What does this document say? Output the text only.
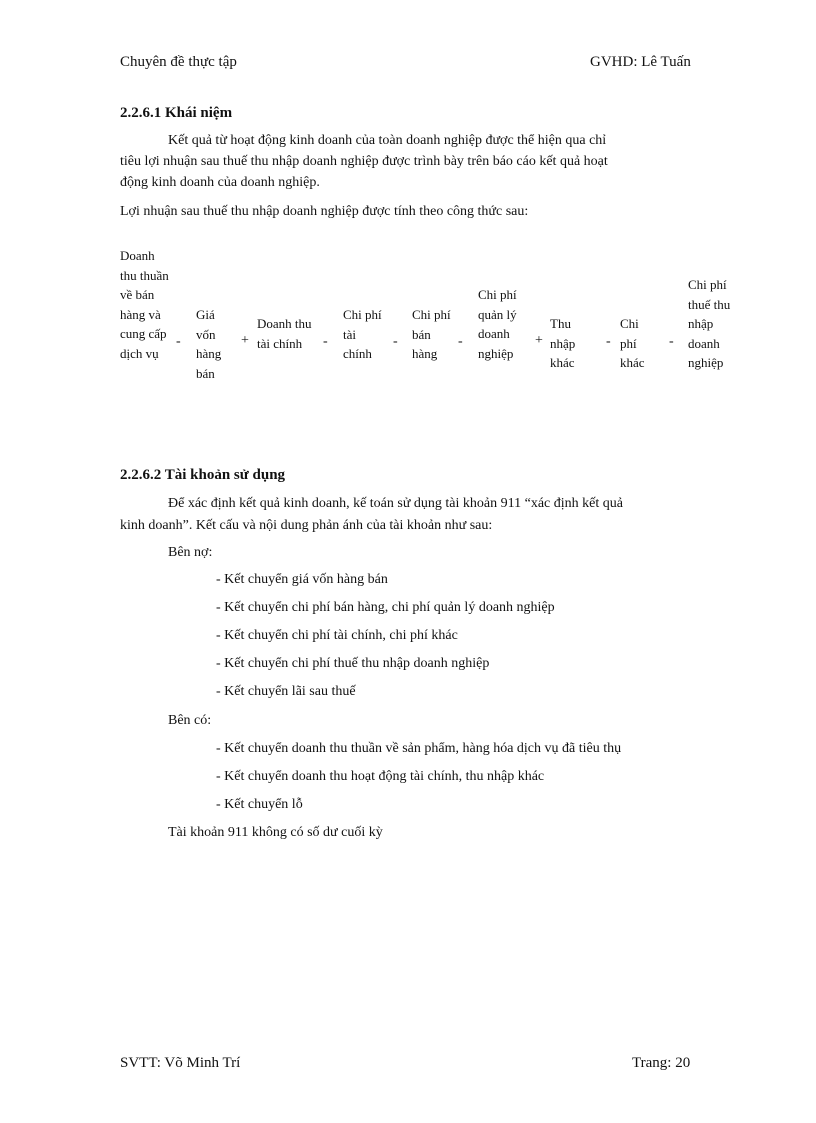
Chuyên đề thực tập	GVHD: Lê Tuấn
2.2.6.1 Khái niệm
Kết quả từ hoạt động kinh doanh của toàn doanh nghiệp được thể hiện qua chỉ
tiêu lợi nhuận sau thuế thu nhập doanh nghiệp được trình bày trên báo cáo kết quả hoạt
động kinh doanh của doanh nghiệp.
Lợi nhuận sau thuế thu nhập doanh nghiệp được tính theo công thức sau:
Doanh thu thuần về bán hàng và cung cấp dịch vụ
-
Giá vốn hàng bán
+
Doanh thu tài chính	-
Chi phí tài chính
-
Chi phí bán hàng
-
Chi phí quản lý doanh nghiệp
+
Thu nhập khác
-
Chi phí khác
-
Chi phí thuế thu nhập doanh nghiệp
2.2.6.2 Tài khoản sử dụng
Để xác định kết quả kinh doanh, kế toán sử dụng tài khoản 911 “xác định kết quả
kinh doanh”. Kết cấu và nội dung phản ánh của tài khoản như sau:
Bên nợ:
- Kết chuyển giá vốn hàng bán
- Kết chuyển chi phí bán hàng, chi phí quản lý doanh nghiệp
- Kết chuyển chi phí tài chính, chi phí khác
- Kết chuyển chi phí thuế thu nhập doanh nghiệp
- Kết chuyển lãi sau thuế
Bên có:
- Kết chuyển doanh thu thuần về sản phẩm, hàng hóa dịch vụ đã tiêu thụ
- Kết chuyển doanh thu hoạt động tài chính, thu nhập khác
- Kết chuyển lỗ
Tài khoản 911 không có số dư cuối kỳ
SVTT: Võ Minh Trí	Trang: 20
